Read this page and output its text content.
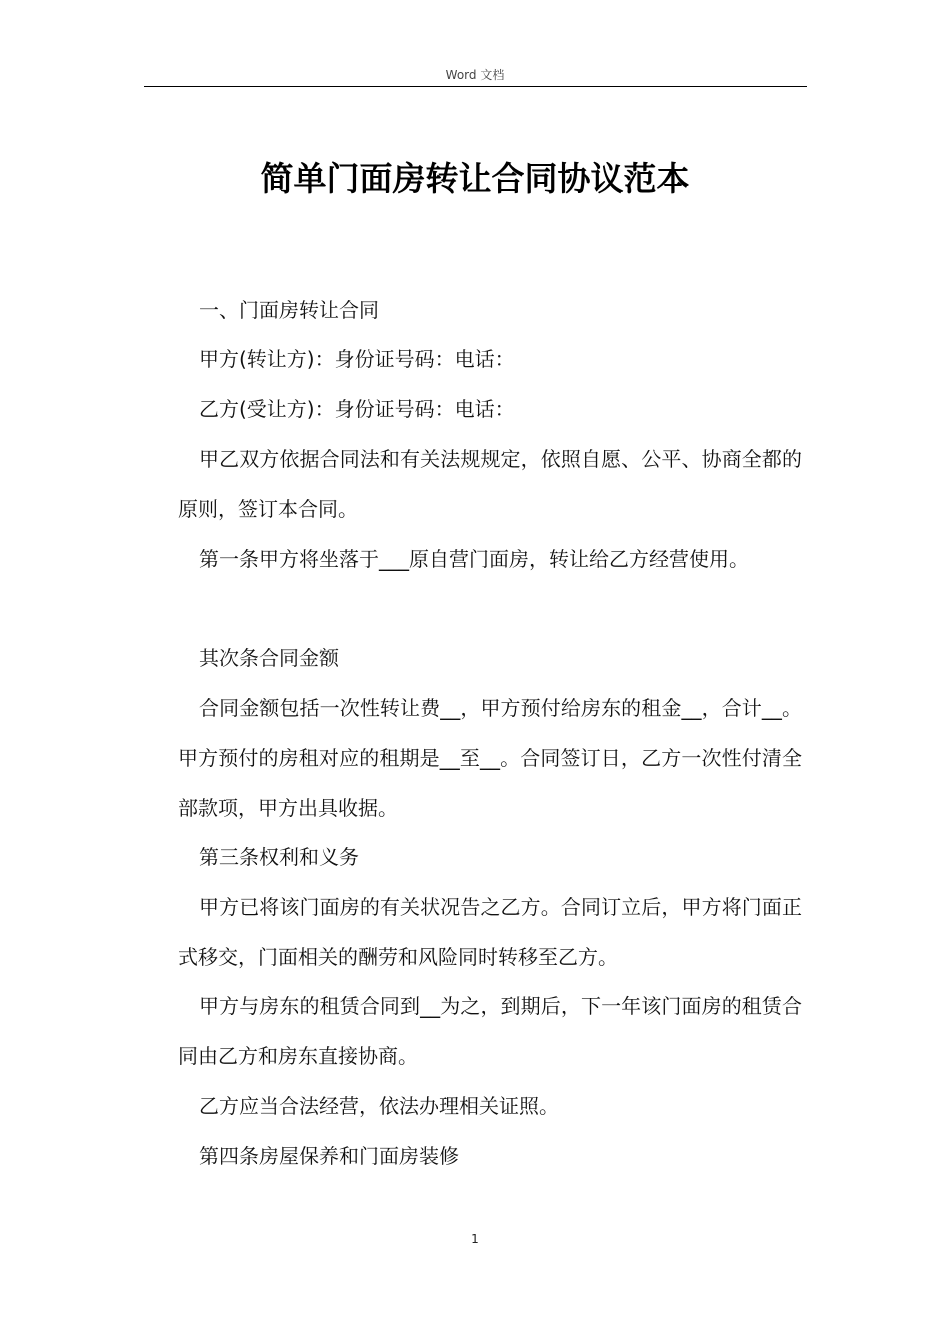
Word 文档
简单门面房转让合同协议范本
一、门面房转让合同
甲方(转让方)：身份证号码：电话：
乙方(受让方)：身份证号码：电话：
甲乙双方依据合同法和有关法规规定，依照自愿、公平、协商全都的原则，签订本合同。
第一条甲方将坐落于___原自营门面房，转让给乙方经营使用。
其次条合同金额
合同金额包括一次性转让费__，甲方预付给房东的租金__，合计__。甲方预付的房租对应的租期是__至__。合同签订日，乙方一次性付清全部款项，甲方出具收据。
第三条权利和义务
甲方已将该门面房的有关状况告之乙方。合同订立后，甲方将门面正式移交，门面相关的酬劳和风险同时转移至乙方。
甲方与房东的租赁合同到__为之，到期后，下一年该门面房的租赁合同由乙方和房东直接协商。
乙方应当合法经营，依法办理相关证照。
第四条房屋保养和门面房装修
1
